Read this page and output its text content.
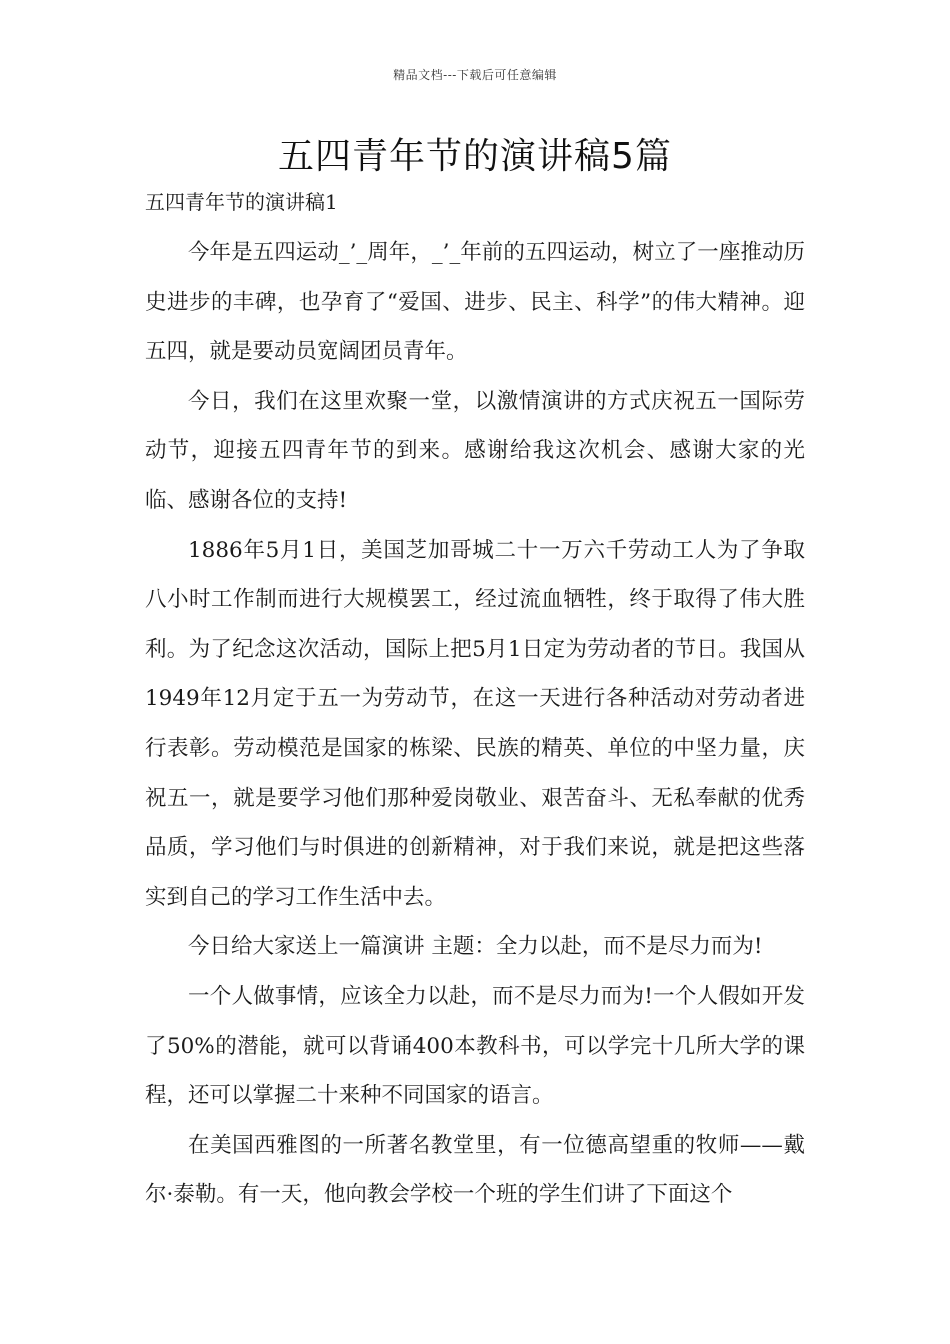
精品文档---下载后可任意编辑
五四青年节的演讲稿5篇
五四青年节的演讲稿1

今年是五四运动_’_周年，_’_年前的五四运动，树立了一座推动历史进步的丰碑，也孕育了“爱国、进步、民主、科学”的伟大精神。迎五四，就是要动员宽阔团员青年。

今日，我们在这里欢聚一堂，以激情演讲的方式庆祝五一国际劳动节，迎接五四青年节的到来。感谢给我这次机会、感谢大家的光临、感谢各位的支持!

1886年5月1日，美国芝加哥城二十一万六千劳动工人为了争取八小时工作制而进行大规模罢工，经过流血牺牲，终于取得了伟大胜利。为了纪念这次活动，国际上把5月1日定为劳动者的节日。我国从1949年12月定于五一为劳动节，在这一天进行各种活动对劳动者进行表彰。劳动模范是国家的栋梁、民族的精英、单位的中坚力量，庆祝五一，就是要学习他们那种爱岗敬业、艰苦奋斗、无私奉献的优秀品质，学习他们与时俱进的创新精神，对于我们来说，就是把这些落实到自己的学习工作生活中去。

今日给大家送上一篇演讲 主题：全力以赴，而不是尽力而为!

一个人做事情，应该全力以赴，而不是尽力而为!一个人假如开发了50%的潜能，就可以背诵400本教科书，可以学完十几所大学的课程，还可以掌握二十来种不同国家的语言。

在美国西雅图的一所著名教堂里，有一位德高望重的牧师——戴尔·泰勒。有一天，他向教会学校一个班的学生们讲了下面这个
